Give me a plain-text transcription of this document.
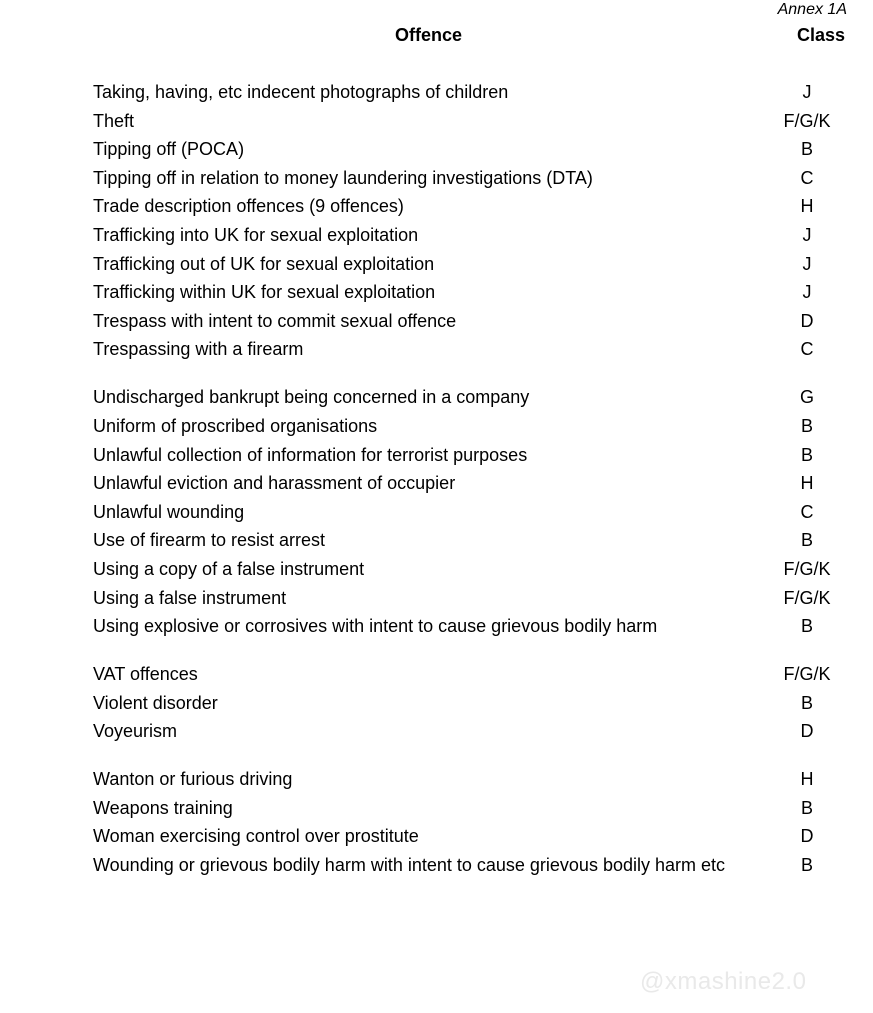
Annex 1A
Offence	Class
Taking, having, etc indecent photographs of children	J
Theft	F/G/K
Tipping off (POCA)	B
Tipping off in relation to money laundering investigations (DTA)	C
Trade description offences (9 offences)	H
Trafficking into UK for sexual exploitation	J
Trafficking out of UK for sexual exploitation	J
Trafficking within UK for sexual exploitation	J
Trespass with intent to commit sexual offence	D
Trespassing with a firearm	C
Undischarged bankrupt being concerned in a company	G
Uniform of proscribed organisations	B
Unlawful collection of information for terrorist purposes	B
Unlawful eviction and harassment of occupier	H
Unlawful wounding	C
Use of firearm to resist arrest	B
Using a copy of a false instrument	F/G/K
Using a false instrument	F/G/K
Using explosive or corrosives with intent to cause grievous bodily harm	B
VAT offences	F/G/K
Violent disorder	B
Voyeurism	D
Wanton or furious driving	H
Weapons training	B
Woman exercising control over prostitute	D
Wounding or grievous bodily harm with intent to cause grievous bodily harm etc	B
@xmashine2.0
